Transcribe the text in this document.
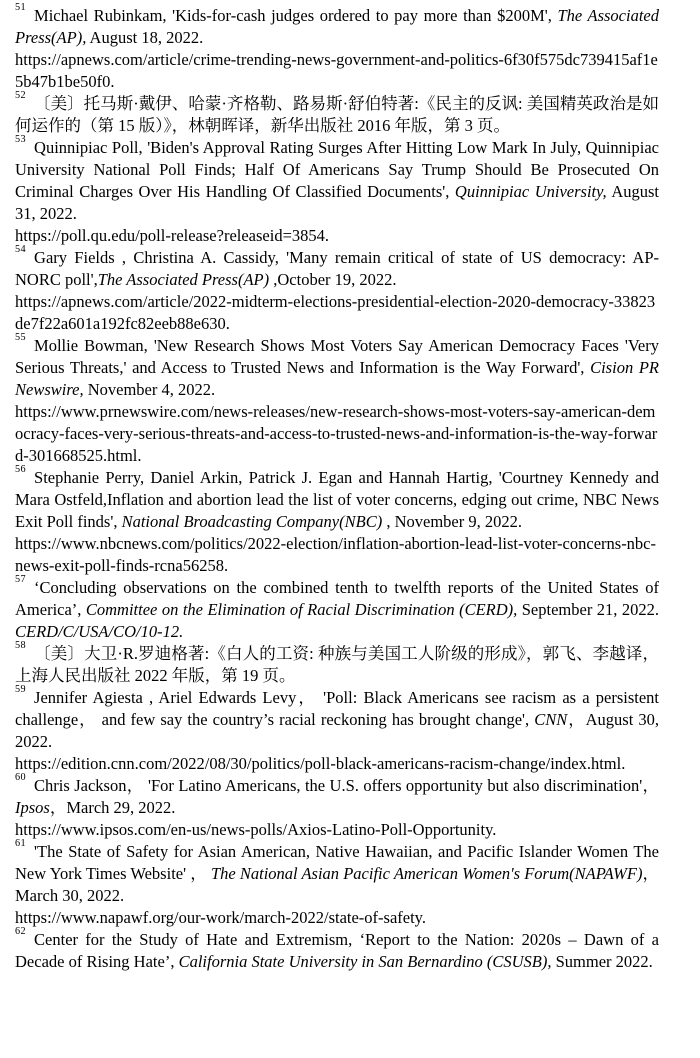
$^{51}$ Michael Rubinkam, 'Kids-for-cash judges ordered to pay more than $200M', The Associated Press(AP), August 18, 2022.
https://apnews.com/article/crime-trending-news-government-and-politics-6f30f575dc739415af1e5b47b1be50f0.

$^{52}$ 〔美〕托马斯·戴伊、哈蒙·齐格勒、路易斯·舒伯特著:《民主的反讽: 美国精英政治是如何运作的（第 15 版）》，林朝晖译，新华出版社 2016 年版，第 3 页。

$^{53}$ Quinnipiac Poll, 'Biden's Approval Rating Surges After Hitting Low Mark In July, Quinnipiac University National Poll Finds; Half Of Americans Say Trump Should Be Prosecuted On Criminal Charges Over His Handling Of Classified Documents', Quinnipiac University, August 31, 2022.
https://poll.qu.edu/poll-release?releaseid=3854.

$^{54}$ Gary Fields , Christina A. Cassidy, 'Many remain critical of state of US democracy: AP-NORC poll',The Associated Press(AP) ,October 19, 2022.
https://apnews.com/article/2022-midterm-elections-presidential-election-2020-democracy-33823de7f22a601a192fc82eeb88e630.

$^{55}$ Mollie Bowman, 'New Research Shows Most Voters Say American Democracy Faces 'Very Serious Threats,' and Access to Trusted News and Information is the Way Forward', Cision PR Newswire, November 4, 2022.
https://www.prnewswire.com/news-releases/new-research-shows-most-voters-say-american-democracy-faces-very-serious-threats-and-access-to-trusted-news-and-information-is-the-way-forward-301668525.html.

$^{56}$ Stephanie Perry, Daniel Arkin, Patrick J. Egan and Hannah Hartig, 'Courtney Kennedy and Mara Ostfeld,Inflation and abortion lead the list of voter concerns, edging out crime, NBC News Exit Poll finds', National Broadcasting Company(NBC) , November 9, 2022.
https://www.nbcnews.com/politics/2022-election/inflation-abortion-lead-list-voter-concerns-nbc-news-exit-poll-finds-rcna56258.

$^{57}$ ‘Concluding observations on the combined tenth to twelfth reports of the United States of America’, Committee on the Elimination of Racial Discrimination (CERD), September 21, 2022. CERD/C/USA/CO/10-12.

$^{58}$ 〔美〕大卫·R.罗迪格著:《白人的工资: 种族与美国工人阶级的形成》，郭飞、李越译，上海人民出版社 2022 年版，第 19 页。

$^{59}$ Jennifer Agiesta , Ariel Edwards Levy， 'Poll: Black Americans see racism as a persistent challenge， and few say the country’s racial reckoning has brought change', CNN，August 30, 2022.
https://edition.cnn.com/2022/08/30/politics/poll-black-americans-racism-change/index.html.

$^{60}$ Chris Jackson， 'For Latino Americans, the U.S. offers opportunity but also discrimination'，Ipsos，March 29, 2022.
https://www.ipsos.com/en-us/news-polls/Axios-Latino-Poll-Opportunity.

$^{61}$ 'The State of Safety for Asian American, Native Hawaiian, and Pacific Islander Women The New York Times Website' ， The National Asian Pacific American Women's Forum(NAPAWF)，March 30, 2022.
https://www.napawf.org/our-work/march-2022/state-of-safety.

$^{62}$ Center for the Study of Hate and Extremism, ‘Report to the Nation: 2020s – Dawn of a Decade of Rising Hate’, California State University in San Bernardino (CSUSB), Summer 2022.
